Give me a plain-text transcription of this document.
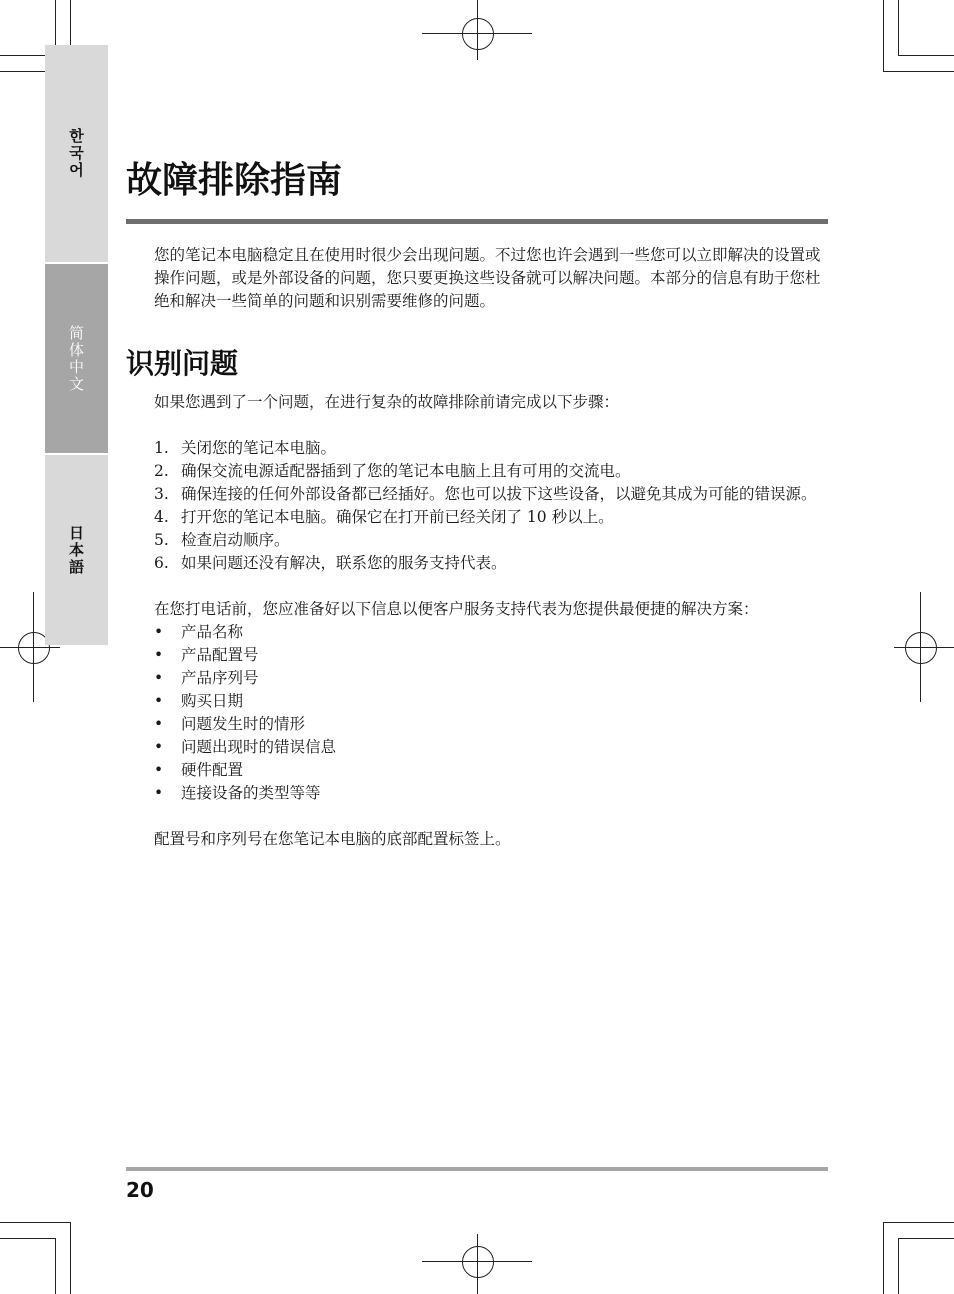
한국어
简体中文
日本語
故障排除指南

您的笔记本电脑稳定且在使用时很少会出现问题。不过您也许会遇到一些您可以立即解决的设置或操作问题，或是外部设备的问题，您只要更换这些设备就可以解决问题。本部分的信息有助于您杜绝和解决一些简单的问题和识别需要维修的问题。

识别问题

如果您遇到了一个问题，在进行复杂的故障排除前请完成以下步骤：

1. 关闭您的笔记本电脑。
2. 确保交流电源适配器插到了您的笔记本电脑上且有可用的交流电。
3. 确保连接的任何外部设备都已经插好。您也可以拔下这些设备，以避免其成为可能的错误源。
4. 打开您的笔记本电脑。确保它在打开前已经关闭了 10 秒以上。
5. 检查启动顺序。
6. 如果问题还没有解决，联系您的服务支持代表。

在您打电话前，您应准备好以下信息以便客户服务支持代表为您提供最便捷的解决方案：

• 产品名称
• 产品配置号
• 产品序列号
• 购买日期
• 问题发生时的情形
• 问题出现时的错误信息
• 硬件配置
• 连接设备的类型等等

配置号和序列号在您笔记本电脑的底部配置标签上。

20
